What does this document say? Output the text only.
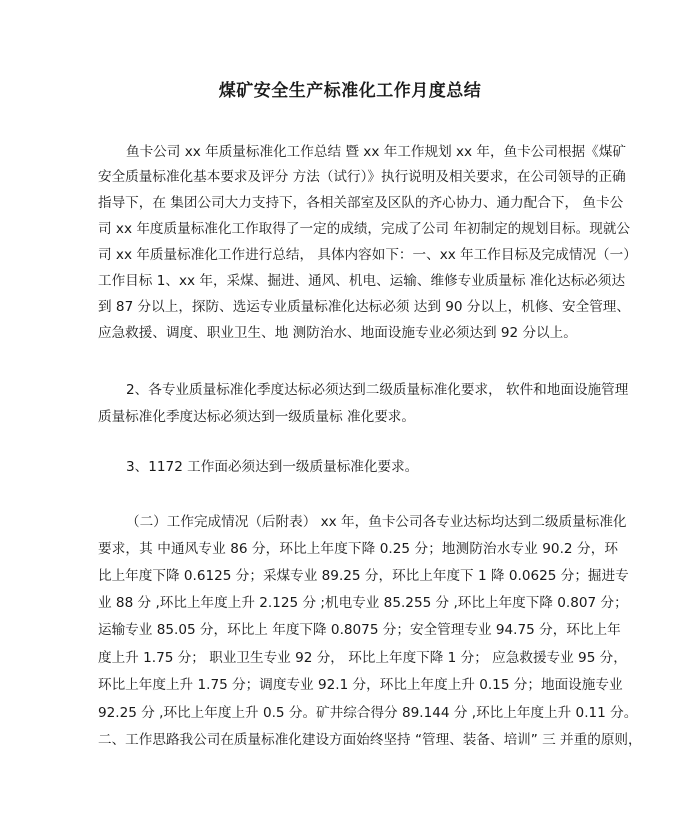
煤矿安全生产标准化工作月度总结
鱼卡公司 xx 年质量标准化工作总结 暨 xx 年工作规划 xx 年，鱼卡公司根据《煤矿
安全质量标准化基本要求及评分 方法（试行）》执行说明及相关要求，在公司领导的正确
指导下，在 集团公司大力支持下，各相关部室及区队的齐心协力、通力配合下， 鱼卡公
司 xx 年度质量标准化工作取得了一定的成绩，完成了公司 年初制定的规划目标。现就公
司 xx 年质量标准化工作进行总结， 具体内容如下：一、xx 年工作目标及完成情况（一）
工作目标 1、xx 年，采煤、掘进、通风、机电、运输、维修专业质量标 准化达标必须达
到 87 分以上，探防、选运专业质量标准化达标必须 达到 90 分以上，机修、安全管理、
应急救援、调度、职业卫生、地 测防治水、地面设施专业必须达到 92 分以上。
2、各专业质量标准化季度达标必须达到二级质量标准化要求， 软件和地面设施管理
质量标准化季度达标必须达到一级质量标 准化要求。
3、1172 工作面必须达到一级质量标准化要求。
（二）工作完成情况（后附表） xx 年，鱼卡公司各专业达标均达到二级质量标准化
要求，其 中通风专业 86 分，环比上年度下降 0.25 分；地测防治水专业 90.2 分，环
比上年度下降 0.6125 分；采煤专业 89.25 分，环比上年度下 1 降 0.0625 分；掘进专
业 88 分 ,环比上年度上升 2.125 分 ;机电专业 85.255 分 ,环比上年度下降 0.807 分；
运输专业 85.05 分，环比上 年度下降 0.8075 分；安全管理专业 94.75 分，环比上年
度上升 1.75 分； 职业卫生专业 92 分， 环比上年度下降 1 分； 应急救援专业 95 分，
环比上年度上升 1.75 分；调度专业 92.1 分，环比上年度上升 0.15 分；地面设施专业
92.25 分 ,环比上年度上升 0.5 分。矿井综合得分 89.144 分 ,环比上年度上升 0.11 分。
二、工作思路我公司在质量标准化建设方面始终坚持 “管理、装备、培训” 三 并重的原则，
